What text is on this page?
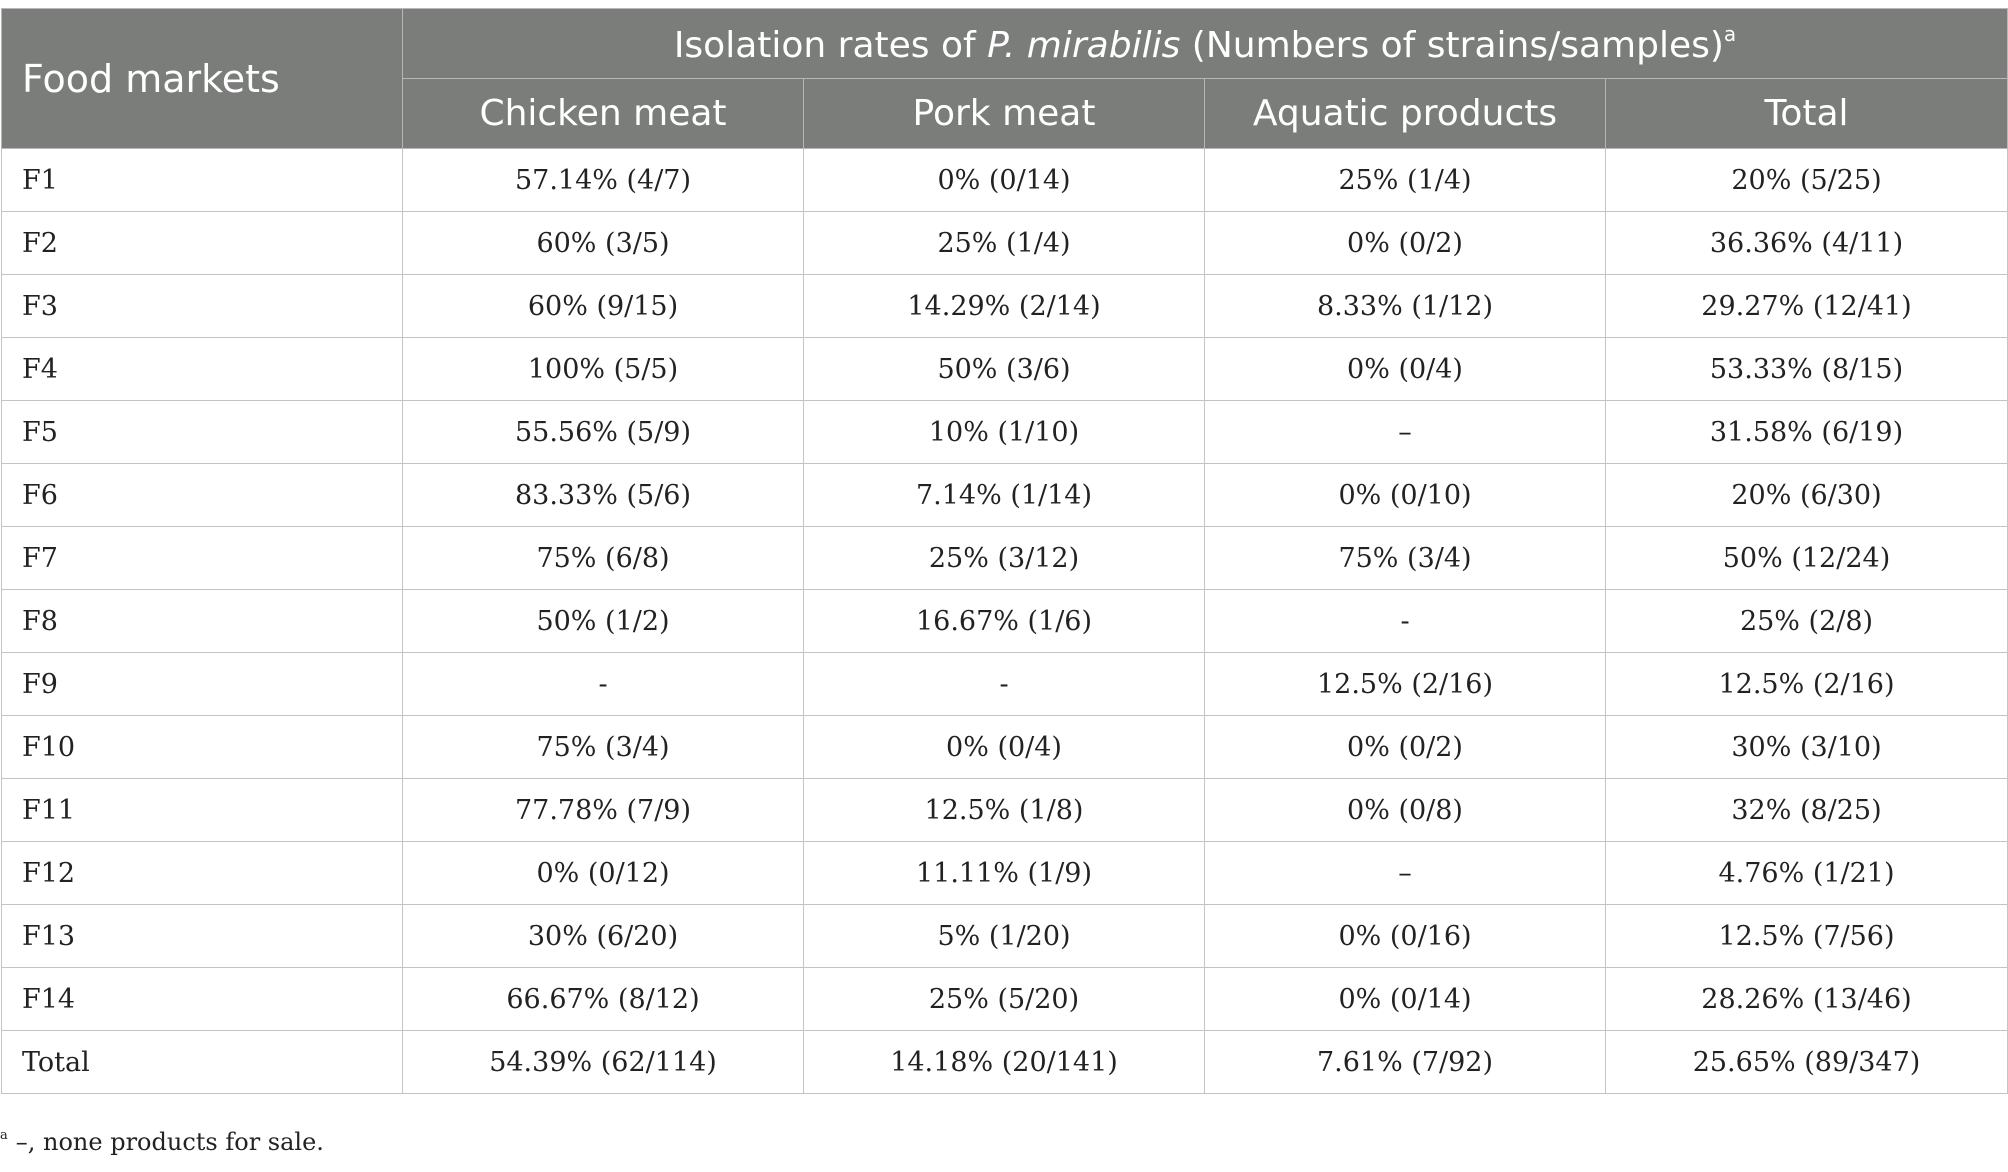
Food markets	Isolation rates of P. mirabilis (Numbers of strains/samples)$^a$
	Chicken meat	Pork meat	Aquatic products	Total
F1	57.14% (4/7)	0% (0/14)	25% (1/4)	20% (5/25)
F2	60% (3/5)	25% (1/4)	0% (0/2)	36.36% (4/11)
F3	60% (9/15)	14.29% (2/14)	8.33% (1/12)	29.27% (12/41)
F4	100% (5/5)	50% (3/6)	0% (0/4)	53.33% (8/15)
F5	55.56% (5/9)	10% (1/10)	–	31.58% (6/19)
F6	83.33% (5/6)	7.14% (1/14)	0% (0/10)	20% (6/30)
F7	75% (6/8)	25% (3/12)	75% (3/4)	50% (12/24)
F8	50% (1/2)	16.67% (1/6)	-	25% (2/8)
F9	-	-	12.5% (2/16)	12.5% (2/16)
F10	75% (3/4)	0% (0/4)	0% (0/2)	30% (3/10)
F11	77.78% (7/9)	12.5% (1/8)	0% (0/8)	32% (8/25)
F12	0% (0/12)	11.11% (1/9)	–	4.76% (1/21)
F13	30% (6/20)	5% (1/20)	0% (0/16)	12.5% (7/56)
F14	66.67% (8/12)	25% (5/20)	0% (0/14)	28.26% (13/46)
Total	54.39% (62/114)	14.18% (20/141)	7.61% (7/92)	25.65% (89/347)
$^a$ –, none products for sale.
